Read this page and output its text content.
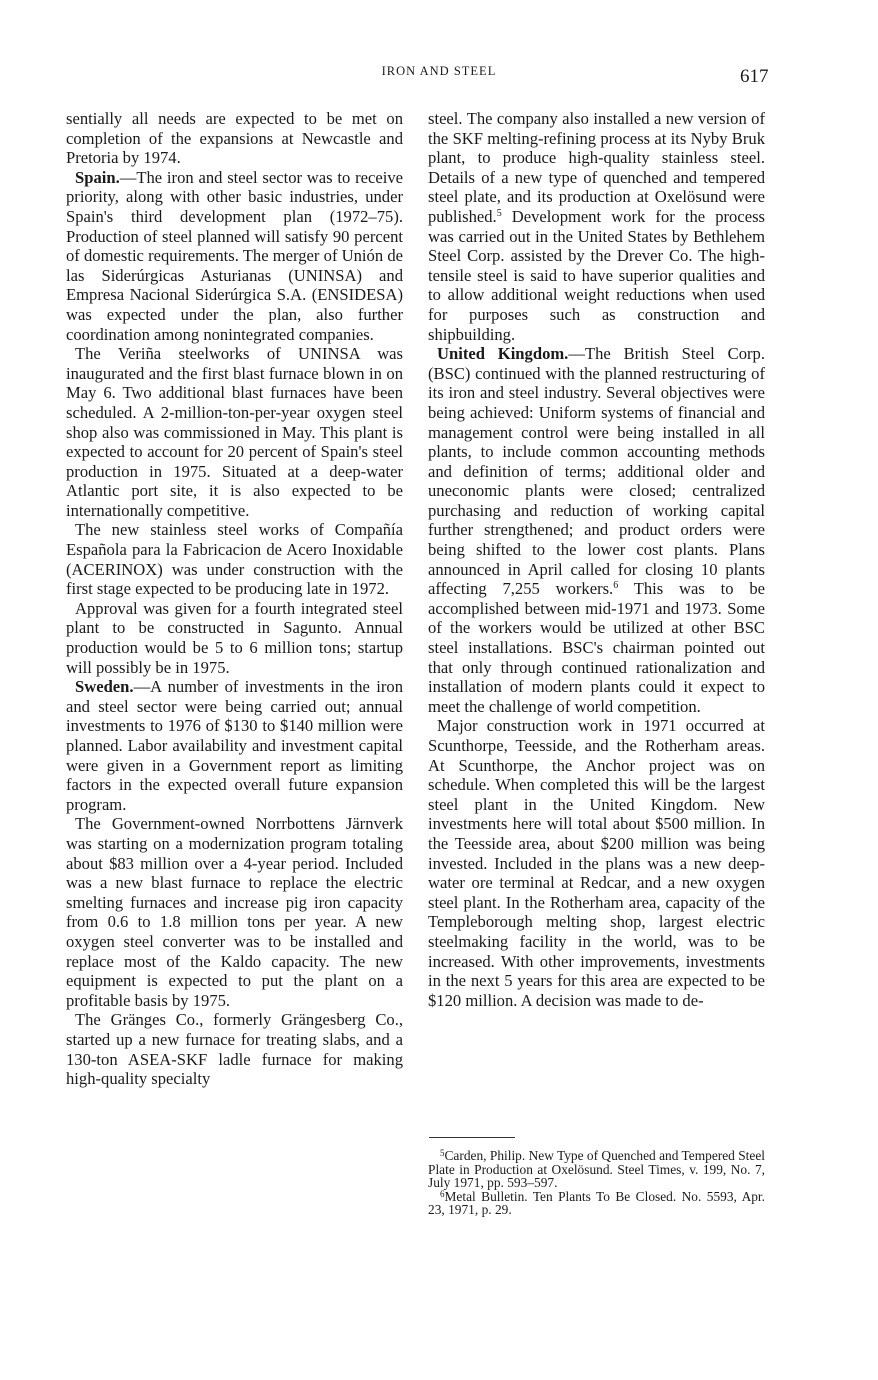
IRON AND STEEL	617

sentially all needs are expected to be met on completion of the expansions at Newcastle and Pretoria by 1974.

Spain.—The iron and steel sector was to receive priority, along with other basic industries, under Spain's third development plan (1972–75). Production of steel planned will satisfy 90 percent of domestic requirements. The merger of Unión de las Siderúrgicas Asturianas (UNINSA) and Empresa Nacional Siderúrgica S.A. (ENSIDESA) was expected under the plan, also further coordination among nonintegrated companies.

The Veriña steelworks of UNINSA was inaugurated and the first blast furnace blown in on May 6. Two additional blast furnaces have been scheduled. A 2-million-ton-per-year oxygen steel shop also was commissioned in May. This plant is expected to account for 20 percent of Spain's steel production in 1975. Situated at a deep-water Atlantic port site, it is also expected to be internationally competitive.

The new stainless steel works of Compañía Española para la Fabricacion de Acero Inoxidable (ACERINOX) was under construction with the first stage expected to be producing late in 1972.

Approval was given for a fourth integrated steel plant to be constructed in Sagunto. Annual production would be 5 to 6 million tons; startup will possibly be in 1975.

Sweden.—A number of investments in the iron and steel sector were being carried out; annual investments to 1976 of $130 to $140 million were planned. Labor availability and investment capital were given in a Government report as limiting factors in the expected overall future expansion program.

The Government-owned Norrbottens Järnverk was starting on a modernization program totaling about $83 million over a 4-year period. Included was a new blast furnace to replace the electric smelting furnaces and increase pig iron capacity from 0.6 to 1.8 million tons per year. A new oxygen steel converter was to be installed and replace most of the Kaldo capacity. The new equipment is expected to put the plant on a profitable basis by 1975.

The Gränges Co., formerly Grängesberg Co., started up a new furnace for treating slabs, and a 130-ton ASEA-SKF ladle furnace for making high-quality specialty

steel. The company also installed a new version of the SKF melting-refining process at its Nyby Bruk plant, to produce high-quality stainless steel. Details of a new type of quenched and tempered steel plate, and its production at Oxelösund were published.$^5$ Development work for the process was carried out in the United States by Bethlehem Steel Corp. assisted by the Drever Co. The high-tensile steel is said to have superior qualities and to allow additional weight reductions when used for purposes such as construction and shipbuilding.

United Kingdom.—The British Steel Corp. (BSC) continued with the planned restructuring of its iron and steel industry. Several objectives were being achieved: Uniform systems of financial and management control were being installed in all plants, to include common accounting methods and definition of terms; additional older and uneconomic plants were closed; centralized purchasing and reduction of working capital further strengthened; and product orders were being shifted to the lower cost plants. Plans announced in April called for closing 10 plants affecting 7,255 workers.$^6$ This was to be accomplished between mid-1971 and 1973. Some of the workers would be utilized at other BSC steel installations. BSC's chairman pointed out that only through continued rationalization and installation of modern plants could it expect to meet the challenge of world competition.

Major construction work in 1971 occurred at Scunthorpe, Teesside, and the Rotherham areas. At Scunthorpe, the Anchor project was on schedule. When completed this will be the largest steel plant in the United Kingdom. New investments here will total about $500 million. In the Teesside area, about $200 million was being invested. Included in the plans was a new deep-water ore terminal at Redcar, and a new oxygen steel plant. In the Rotherham area, capacity of the Templeborough melting shop, largest electric steelmaking facility in the world, was to be increased. With other improvements, investments in the next 5 years for this area are expected to be $120 million. A decision was made to de-

$^5$Carden, Philip. New Type of Quenched and Tempered Steel Plate in Production at Oxelösund. Steel Times, v. 199, No. 7, July 1971, pp. 593–597.

$^6$Metal Bulletin. Ten Plants To Be Closed. No. 5593, Apr. 23, 1971, p. 29.
